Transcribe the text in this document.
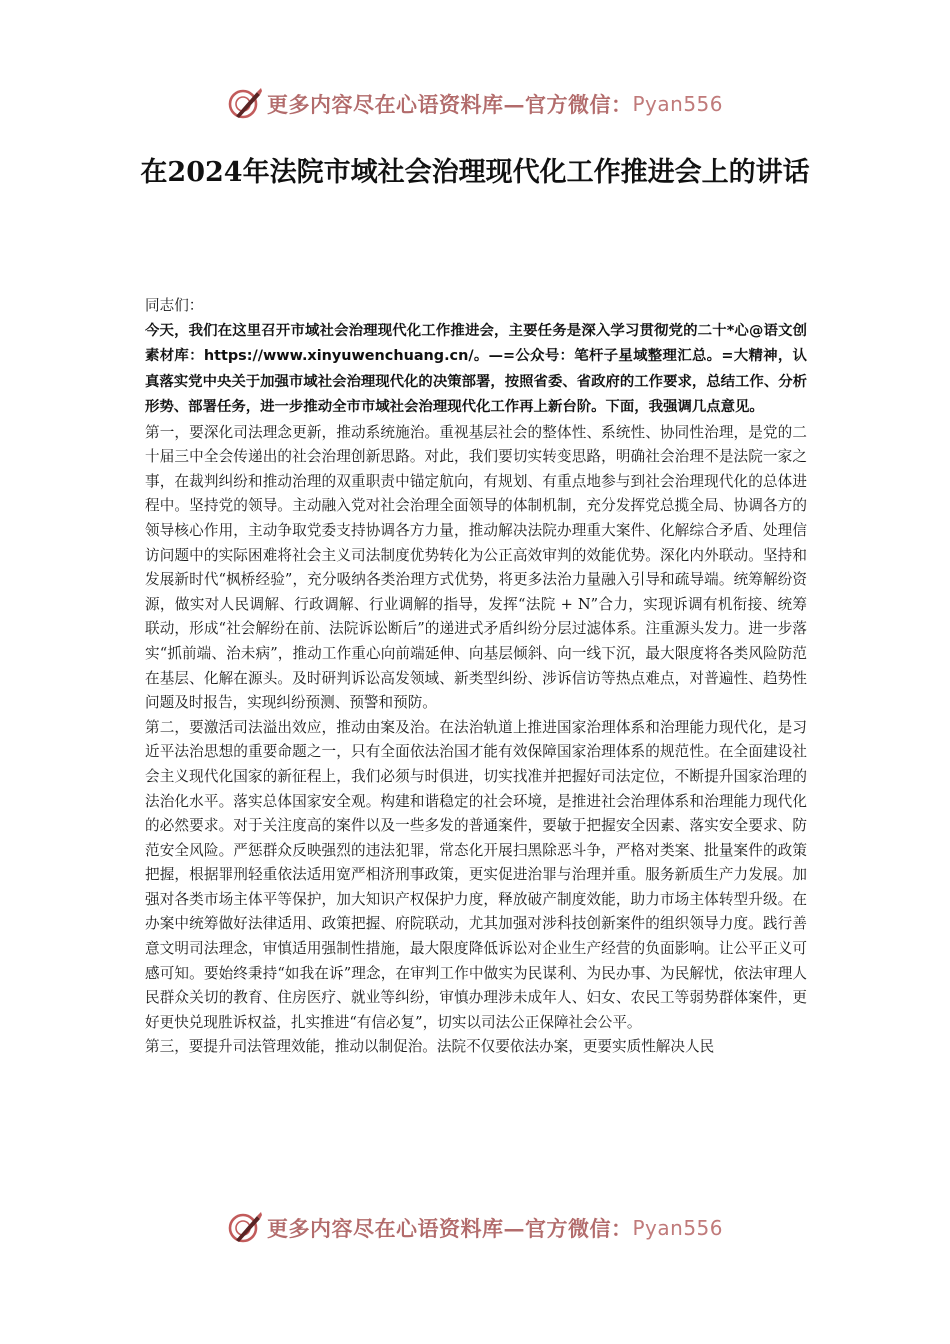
更多内容尽在心语资料库—官方微信： Pyan556
在2024年法院市域社会治理现代化工作推进会上的讲话

同志们：

今天，我们在这里召开市域社会治理现代化工作推进会，主要任务是深入学习贯彻党的二十*心@语文创素材库：https://www.xinyuwenchuang.cn/。—=公众号：笔杆子星域整理汇总。=大精神，认真落实党中央关于加强市域社会治理现代化的决策部署，按照省委、省政府的工作要求，总结工作、分析形势、部署任务，进一步推动全市市域社会治理现代化工作再上新台阶。下面，我强调几点意见。

第一，要深化司法理念更新，推动系统施治。重视基层社会的整体性、系统性、协同性治理，是党的二十届三中全会传递出的社会治理创新思路。对此，我们要切实转变思路，明确社会治理不是法院一家之事，在裁判纠纷和推动治理的双重职责中锚定航向，有规划、有重点地参与到社会治理现代化的总体进程中。坚持党的领导。主动融入党对社会治理全面领导的体制机制，充分发挥党总揽全局、协调各方的领导核心作用，主动争取党委支持协调各方力量，推动解决法院办理重大案件、化解综合矛盾、处理信访问题中的实际困难将社会主义司法制度优势转化为公正高效审判的效能优势。深化内外联动。坚持和发展新时代“枫桥经验”，充分吸纳各类治理方式优势，将更多法治力量融入引导和疏导端。统筹解纷资源，做实对人民调解、行政调解、行业调解的指导，发挥“法院 + N”合力，实现诉调有机衔接、统筹联动，形成“社会解纷在前、法院诉讼断后”的递进式矛盾纠纷分层过滤体系。注重源头发力。进一步落实“抓前端、治未病”，推动工作重心向前端延伸、向基层倾斜、向一线下沉，最大限度将各类风险防范在基层、化解在源头。及时研判诉讼高发领域、新类型纠纷、涉诉信访等热点难点，对普遍性、趋势性问题及时报告，实现纠纷预测、预警和预防。

第二，要激活司法溢出效应，推动由案及治。在法治轨道上推进国家治理体系和治理能力现代化，是习近平法治思想的重要命题之一，只有全面依法治国才能有效保障国家治理体系的规范性。在全面建设社会主义现代化国家的新征程上，我们必须与时俱进，切实找准并把握好司法定位，不断提升国家治理的法治化水平。落实总体国家安全观。构建和谐稳定的社会环境，是推进社会治理体系和治理能力现代化的必然要求。对于关注度高的案件以及一些多发的普通案件，要敏于把握安全因素、落实安全要求、防范安全风险。严惩群众反映强烈的违法犯罪，常态化开展扫黑除恶斗争，严格对类案、批量案件的政策把握，根据罪刑轻重依法适用宽严相济刑事政策，更实促进治罪与治理并重。服务新质生产力发展。加强对各类市场主体平等保护，加大知识产权保护力度，释放破产制度效能，助力市场主体转型升级。在办案中统筹做好法律适用、政策把握、府院联动，尤其加强对涉科技创新案件的组织领导力度。践行善意文明司法理念，审慎适用强制性措施，最大限度降低诉讼对企业生产经营的负面影响。让公平正义可感可知。要始终秉持“如我在诉”理念，在审判工作中做实为民谋利、为民办事、为民解忧，依法审理人民群众关切的教育、住房医疗、就业等纠纷，审慎办理涉未成年人、妇女、农民工等弱势群体案件，更好更快兑现胜诉权益，扎实推进“有信必复”，切实以司法公正保障社会公平。

第三，要提升司法管理效能，推动以制促治。法院不仅要依法办案，更要实质性解决人民

更多内容尽在心语资料库—官方微信： Pyan556
